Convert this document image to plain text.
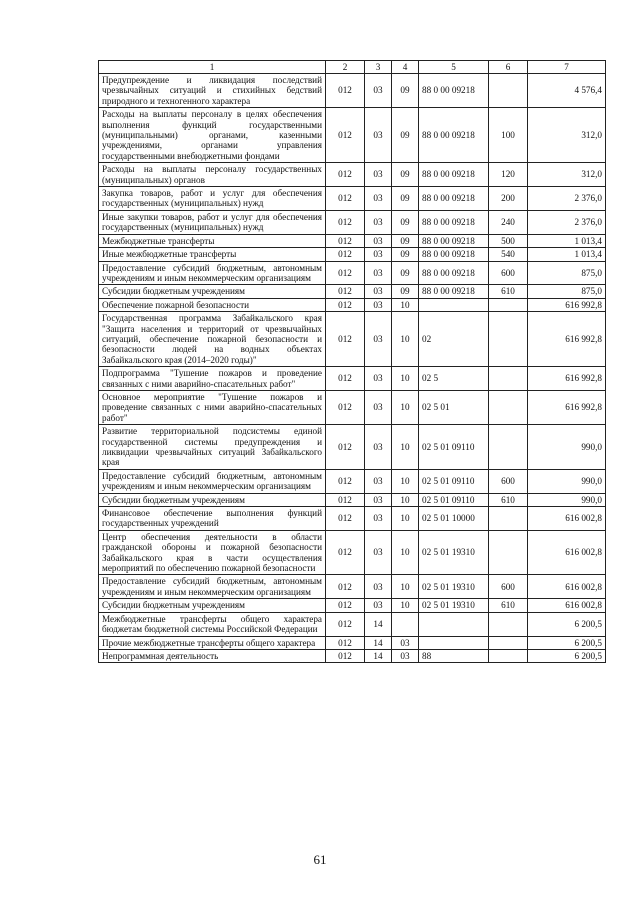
1	2	3	4	5	6	7
Предупреждение и ликвидация последствий чрезвычайных ситуаций и стихийных бедствий природного и техногенного характера	012	03	09	88 0 00 09218		4 576,4
Расходы на выплаты персоналу в целях обеспечения выполнения функций государственными (муниципальными) органами, казенными учреждениями, органами управления государственными внебюджетными фондами	012	03	09	88 0 00 09218	100	312,0
Расходы на выплаты персоналу государственных (муниципальных) органов	012	03	09	88 0 00 09218	120	312,0
Закупка товаров, работ и услуг для обеспечения государственных (муниципальных) нужд	012	03	09	88 0 00 09218	200	2 376,0
Иные закупки товаров, работ и услуг для обеспечения государственных (муниципальных) нужд	012	03	09	88 0 00 09218	240	2 376,0
Межбюджетные трансферты	012	03	09	88 0 00 09218	500	1 013,4
Иные межбюджетные трансферты	012	03	09	88 0 00 09218	540	1 013,4
Предоставление субсидий бюджетным, автономным учреждениям и иным некоммерческим организациям	012	03	09	88 0 00 09218	600	875,0
Субсидии бюджетным учреждениям	012	03	09	88 0 00 09218	610	875,0
Обеспечение пожарной безопасности	012	03	10			616 992,8
Государственная программа Забайкальского края "Защита населения и территорий от чрезвычайных ситуаций, обеспечение пожарной безопасности и безопасности людей на водных объектах Забайкальского края (2014–2020 годы)"	012	03	10	02		616 992,8
Подпрограмма "Тушение пожаров и проведение связанных с ними аварийно-спасательных работ"	012	03	10	02 5		616 992,8
Основное мероприятие "Тушение пожаров и проведение связанных с ними аварийно-спасательных работ"	012	03	10	02 5 01		616 992,8
Развитие территориальной подсистемы единой государственной системы предупреждения и ликвидации чрезвычайных ситуаций Забайкальского края	012	03	10	02 5 01 09110		990,0
Предоставление субсидий бюджетным, автономным учреждениям и иным некоммерческим организациям	012	03	10	02 5 01 09110	600	990,0
Субсидии бюджетным учреждениям	012	03	10	02 5 01 09110	610	990,0
Финансовое обеспечение выполнения функций государственных учреждений	012	03	10	02 5 01 10000		616 002,8
Центр обеспечения деятельности в области гражданской обороны и пожарной безопасности Забайкальского края в части осуществления мероприятий по обеспечению пожарной безопасности	012	03	10	02 5 01 19310		616 002,8
Предоставление субсидий бюджетным, автономным учреждениям и иным некоммерческим организациям	012	03	10	02 5 01 19310	600	616 002,8
Субсидии бюджетным учреждениям	012	03	10	02 5 01 19310	610	616 002,8
Межбюджетные трансферты общего характера бюджетам бюджетной системы Российской Федерации	012	14				6 200,5
Прочие межбюджетные трансферты общего характера	012	14	03			6 200,5
Непрограммная деятельность	012	14	03	88		6 200,5
61
